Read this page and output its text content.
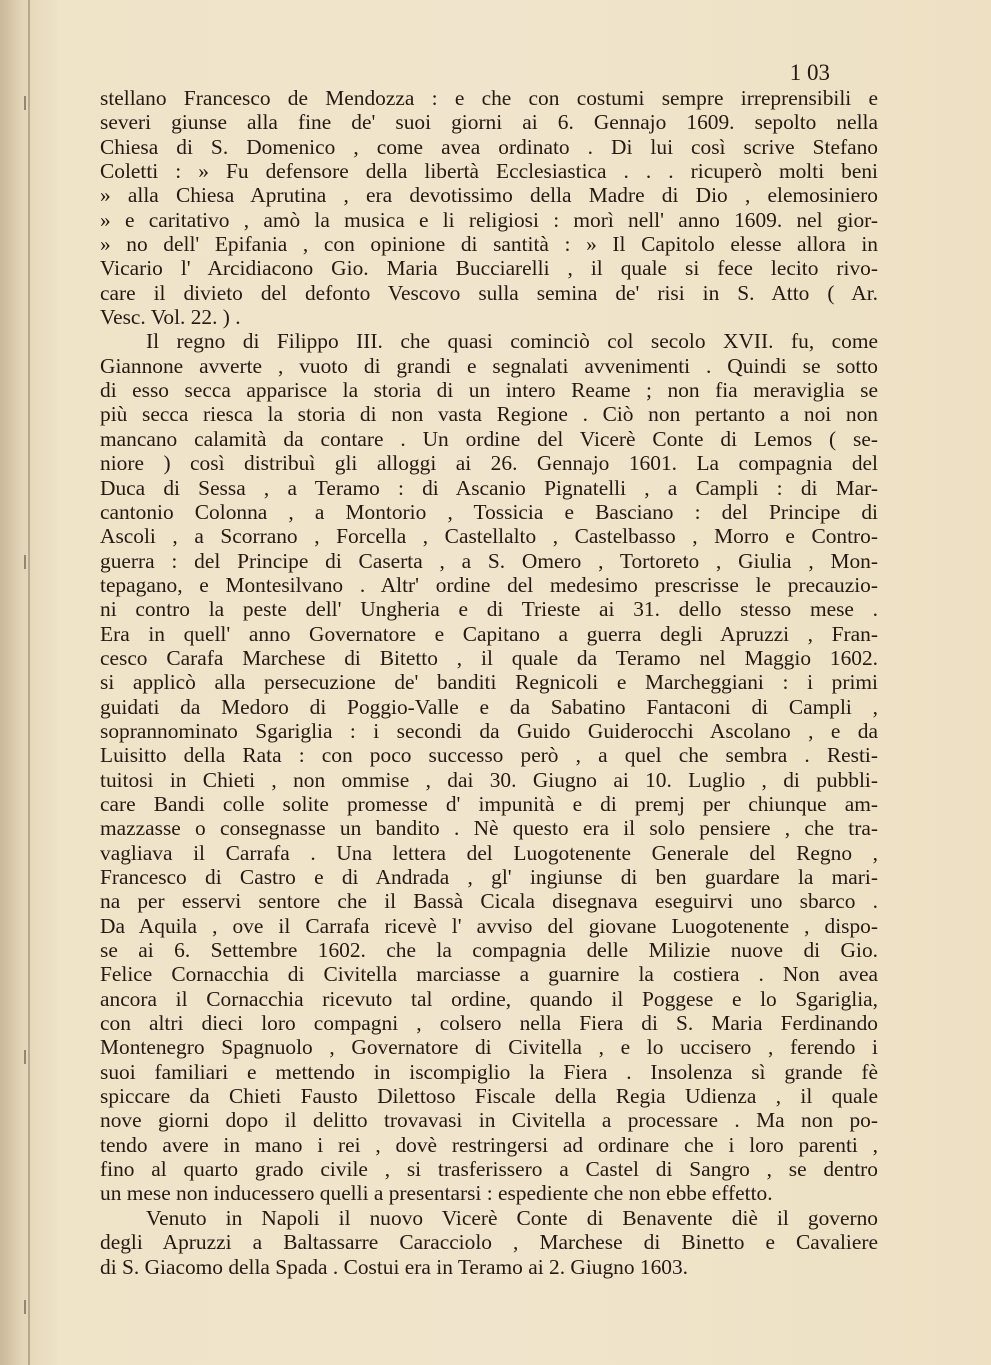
1 03
stellano Francesco de Mendozza : e che con costumi sempre irreprensibili e
severi giunse alla fine de' suoi giorni ai 6. Gennajo 1609. sepolto nella
Chiesa di S. Domenico , come avea ordinato . Di lui così scrive Stefano
Coletti : » Fu defensore della libertà Ecclesiastica . . . ricuperò molti beni
» alla Chiesa Aprutina , era devotissimo della Madre di Dio , elemosiniero
» e caritativo , amò la musica e li religiosi : morì nell' anno 1609. nel gior-
» no dell' Epifania , con opinione di santità : » Il Capitolo elesse allora in
Vicario l' Arcidiacono Gio. Maria Bucciarelli , il quale si fece lecito rivo-
care il divieto del defonto Vescovo sulla semina de' risi in S. Atto ( Ar.
Vesc. Vol. 22. ) .
Il regno di Filippo III. che quasi cominciò col secolo XVII. fu, come
Giannone avverte , vuoto di grandi e segnalati avvenimenti . Quindi se sotto
di esso secca apparisce la storia di un intero Reame ; non fia meraviglia se
più secca riesca la storia di non vasta Regione . Ciò non pertanto a noi non
mancano calamità da contare . Un ordine del Vicerè Conte di Lemos ( se-
niore ) così distribuì gli alloggi ai 26. Gennajo 1601. La compagnia del
Duca di Sessa , a Teramo : di Ascanio Pignatelli , a Campli : di Mar-
cantonio Colonna , a Montorio , Tossicia e Basciano : del Principe di
Ascoli , a Scorrano , Forcella , Castellalto , Castelbasso , Morro e Contro-
guerra : del Principe di Caserta , a S. Omero , Tortoreto , Giulia , Mon-
tepagano, e Montesilvano . Altr' ordine del medesimo prescrisse le precauzio-
ni contro la peste dell' Ungheria e di Trieste ai 31. dello stesso mese .
Era in quell' anno Governatore e Capitano a guerra degli Apruzzi , Fran-
cesco Carafa Marchese di Bitetto , il quale da Teramo nel Maggio 1602.
si applicò alla persecuzione de' banditi Regnicoli e Marcheggiani : i primi
guidati da Medoro di Poggio-Valle e da Sabatino Fantaconi di Campli ,
soprannominato Sgariglia : i secondi da Guido Guiderocchi Ascolano , e da
Luisitto della Rata : con poco successo però , a quel che sembra . Resti-
tuitosi in Chieti , non ommise , dai 30. Giugno ai 10. Luglio , di pubbli-
care Bandi colle solite promesse d' impunità e di premj per chiunque am-
mazzasse o consegnasse un bandito . Nè questo era il solo pensiere , che tra-
vagliava il Carrafa . Una lettera del Luogotenente Generale del Regno ,
Francesco di Castro e di Andrada , gl' ingiunse di ben guardare la mari-
na per esservi sentore che il Bassà Cicala disegnava eseguirvi uno sbarco .
Da Aquila , ove il Carrafa ricevè l' avviso del giovane Luogotenente , dispo-
se ai 6. Settembre 1602. che la compagnia delle Milizie nuove di Gio.
Felice Cornacchia di Civitella marciasse a guarnire la costiera . Non avea
ancora il Cornacchia ricevuto tal ordine, quando il Poggese e lo Sgariglia,
con altri dieci loro compagni , colsero nella Fiera di S. Maria Ferdinando
Montenegro Spagnuolo , Governatore di Civitella , e lo uccisero , ferendo i
suoi familiari e mettendo in iscompiglio la Fiera . Insolenza sì grande fè
spiccare da Chieti Fausto Dilettoso Fiscale della Regia Udienza , il quale
nove giorni dopo il delitto trovavasi in Civitella a processare . Ma non po-
tendo avere in mano i rei , dovè restringersi ad ordinare che i loro parenti ,
fino al quarto grado civile , si trasferissero a Castel di Sangro , se dentro
un mese non inducessero quelli a presentarsi : espediente che non ebbe effetto.
Venuto in Napoli il nuovo Vicerè Conte di Benavente diè il governo
degli Apruzzi a Baltassarre Caracciolo , Marchese di Binetto e Cavaliere
di S. Giacomo della Spada . Costui era in Teramo ai 2. Giugno 1603.
